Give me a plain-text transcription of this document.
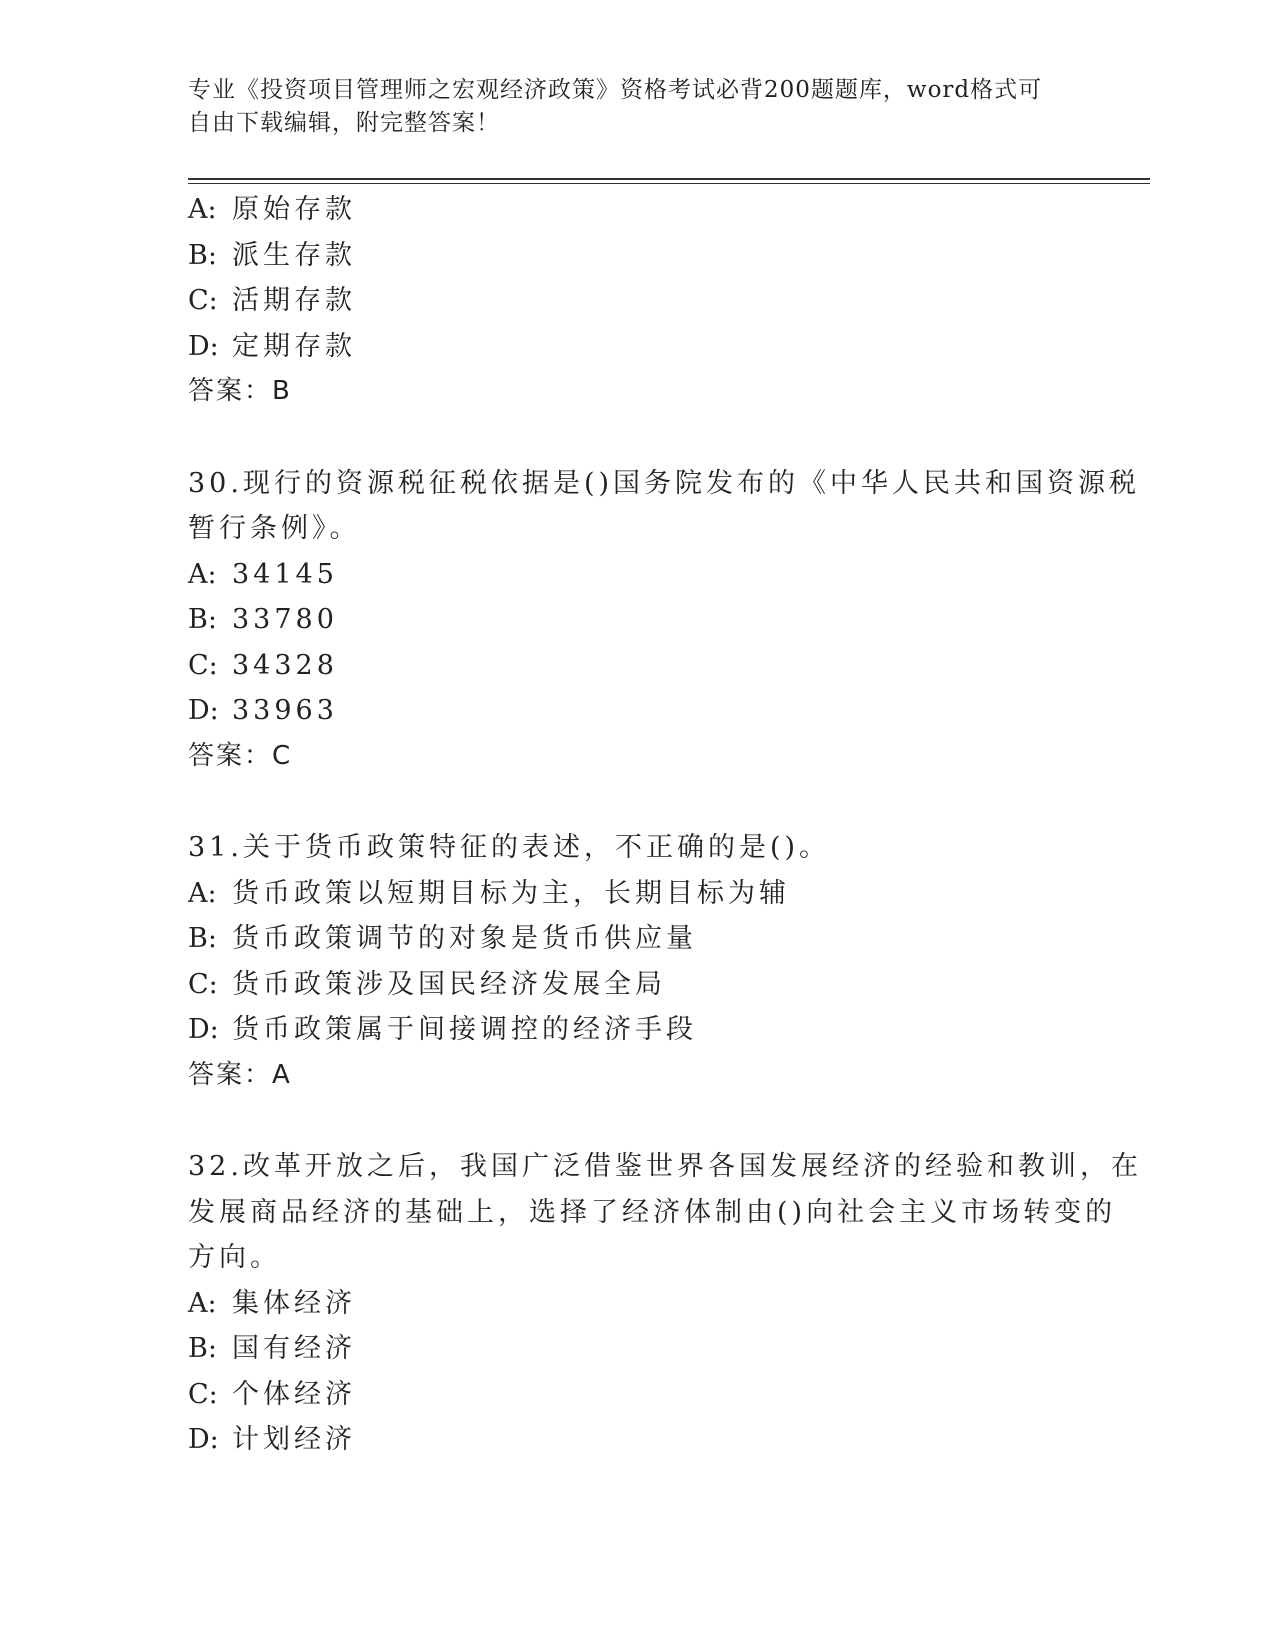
专业《投资项目管理师之宏观经济政策》资格考试必背200题题库，word格式可
自由下载编辑，附完整答案！
A: 原始存款
B: 派生存款
C: 活期存款
D: 定期存款
答案：B
30.现行的资源税征税依据是()国务院发布的《中华人民共和国资源税
暂行条例》。
A: 34145
B: 33780
C: 34328
D: 33963
答案：C
31.关于货币政策特征的表述，不正确的是()。
A: 货币政策以短期目标为主，长期目标为辅
B: 货币政策调节的对象是货币供应量
C: 货币政策涉及国民经济发展全局
D: 货币政策属于间接调控的经济手段
答案：A
32.改革开放之后，我国广泛借鉴世界各国发展经济的经验和教训，在
发展商品经济的基础上，选择了经济体制由()向社会主义市场转变的
方向。
A: 集体经济
B: 国有经济
C: 个体经济
D: 计划经济
